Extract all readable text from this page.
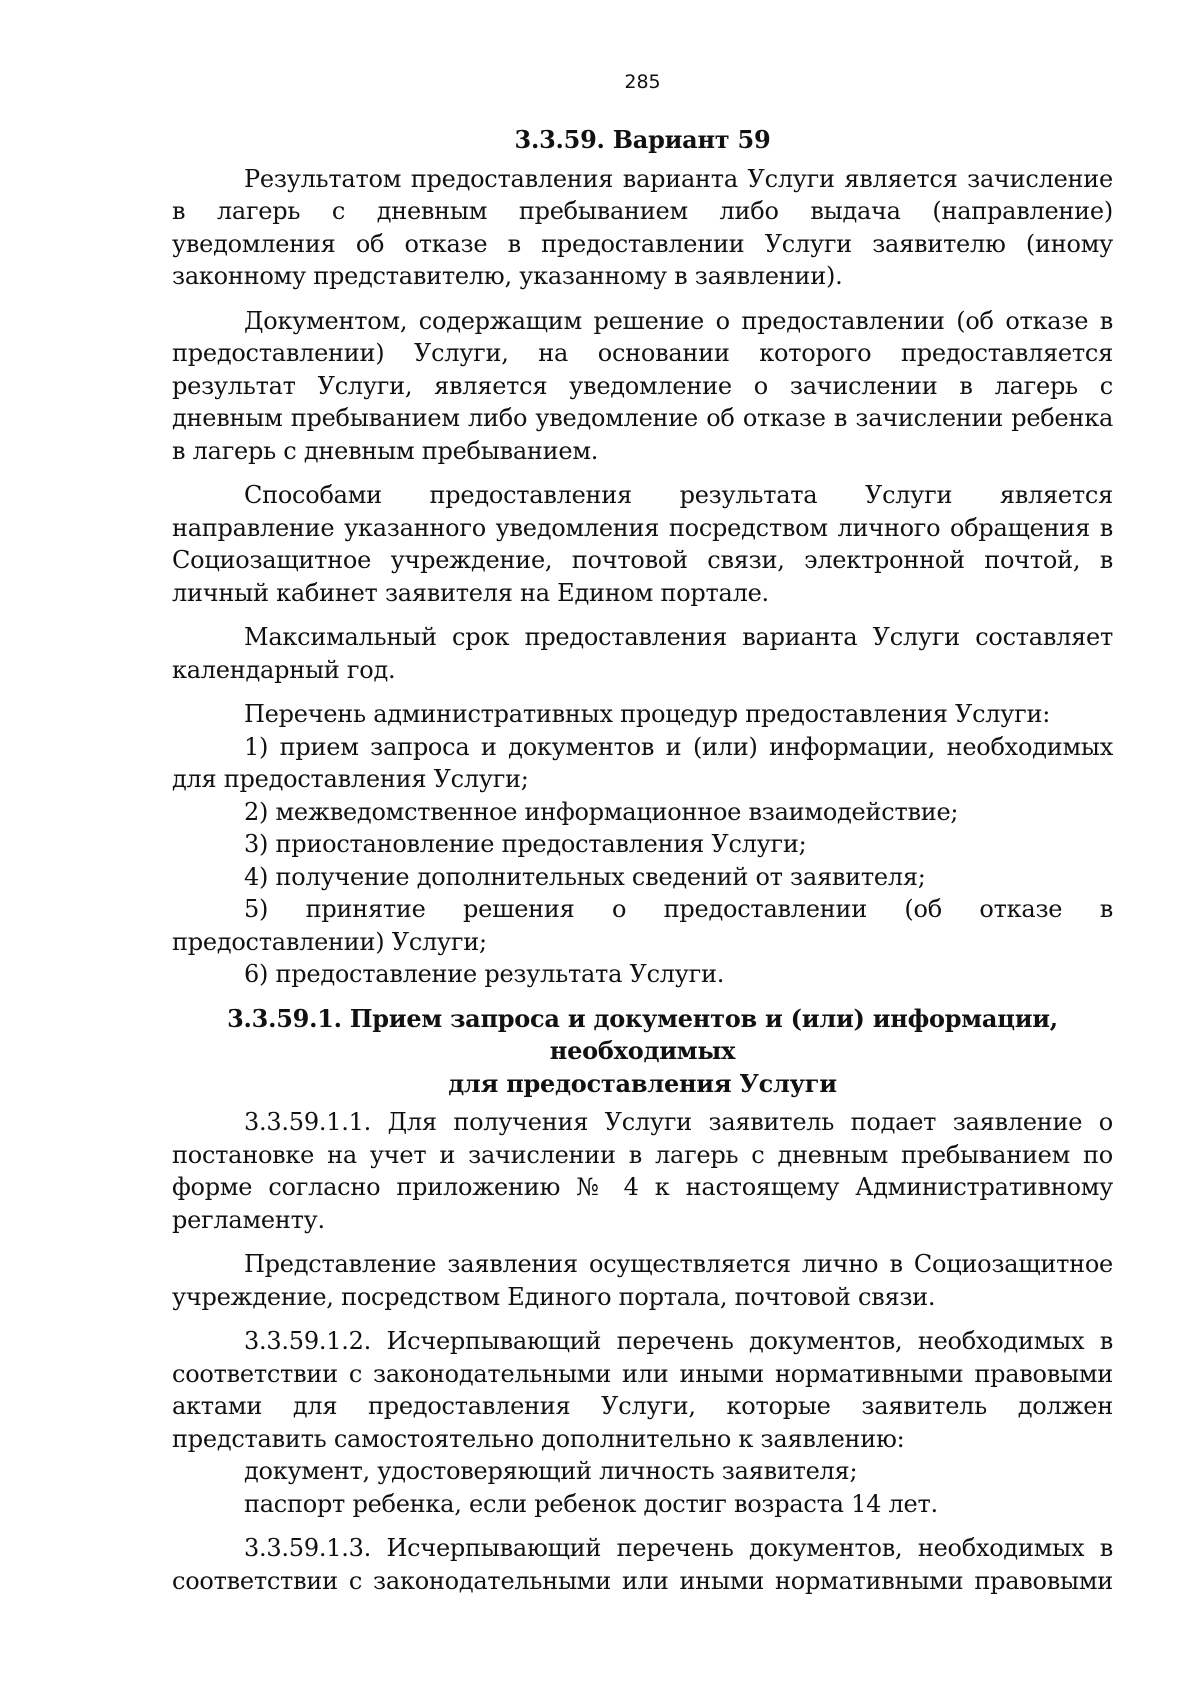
285
3.3.59. Вариант 59

Результатом предоставления варианта Услуги является зачисление в лагерь с дневным пребыванием либо выдача (направление) уведомления об отказе в предоставлении Услуги заявителю (иному законному представителю, указанному в заявлении).

Документом, содержащим решение о предоставлении (об отказе в предоставлении) Услуги, на основании которого предоставляется результат Услуги, является уведомление о зачислении в лагерь с дневным пребыванием либо уведомление об отказе в зачислении ребенка в лагерь с дневным пребыванием.

Способами предоставления результата Услуги является направление указанного уведомления посредством личного обращения в Социозащитное учреждение, почтовой связи, электронной почтой, в личный кабинет заявителя на Едином портале.

Максимальный срок предоставления варианта Услуги составляет календарный год.

Перечень административных процедур предоставления Услуги:

1) прием запроса и документов и (или) информации, необходимых для предоставления Услуги;

2) межведомственное информационное взаимодействие;

3) приостановление предоставления Услуги;

4) получение дополнительных сведений от заявителя;

5) принятие решения о предоставлении (об отказе в предоставлении) Услуги;

6) предоставление результата Услуги.

3.3.59.1. Прием запроса и документов и (или) информации, необходимых
для предоставления Услуги

3.3.59.1.1. Для получения Услуги заявитель подает заявление о постановке на учет и зачислении в лагерь с дневным пребыванием по форме согласно приложению № 4 к настоящему Административному регламенту.

Представление заявления осуществляется лично в Социозащитное учреждение, посредством Единого портала, почтовой связи.

3.3.59.1.2. Исчерпывающий перечень документов, необходимых в соответствии с законодательными или иными нормативными правовыми актами для предоставления Услуги, которые заявитель должен представить самостоятельно дополнительно к заявлению:

документ, удостоверяющий личность заявителя;

паспорт ребенка, если ребенок достиг возраста 14 лет.

3.3.59.1.3. Исчерпывающий перечень документов, необходимых в соответствии с законодательными или иными нормативными правовыми
